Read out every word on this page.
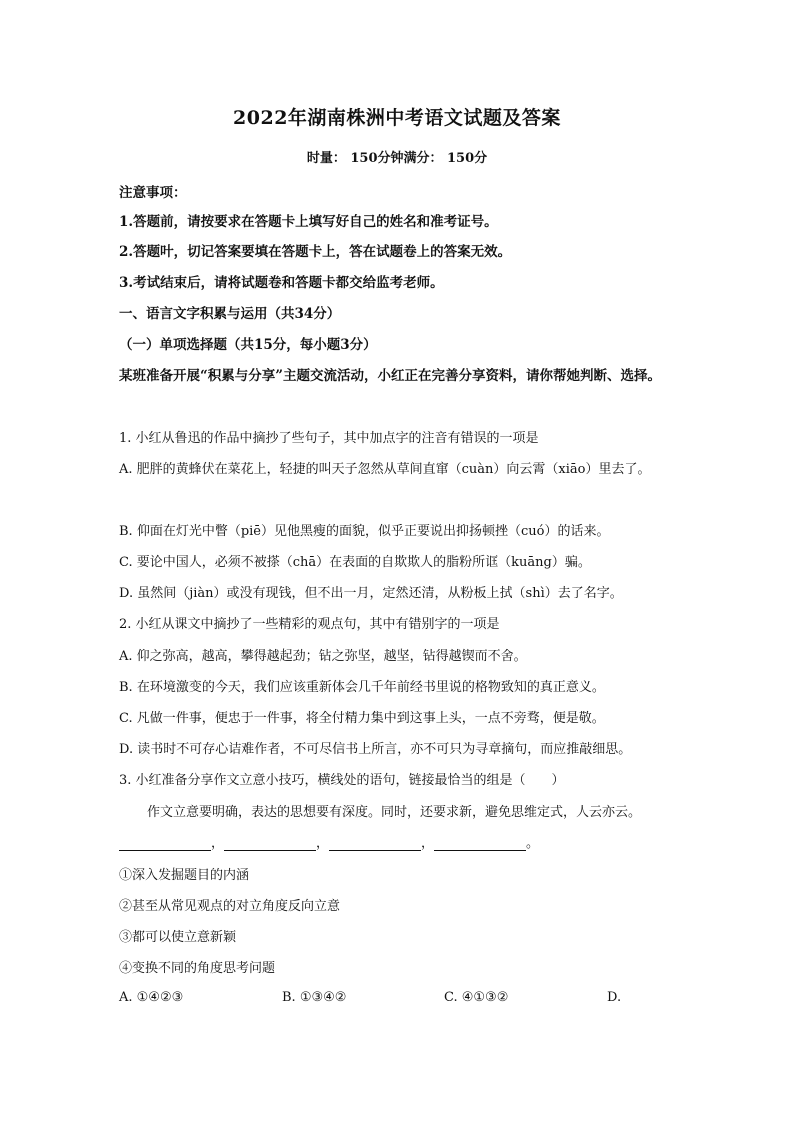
2022年湖南株洲中考语文试题及答案
时量： 150分钟满分： 150分
注意事项：
1.答题前，请按要求在答题卡上填写好自己的姓名和准考证号。
2.答题叶，切记答案要填在答题卡上，答在试题卷上的答案无效。
3.考试结束后，请将试题卷和答题卡都交给监考老师。
一、语言文字积累与运用（共34分）
（一）单项选择题（共15分，每小题3分）
某班准备开展“积累与分享”主题交流活动，小红正在完善分享资料，请你帮她判断、选择。
1. 小红从鲁迅的作品中摘抄了些句子，其中加点字的注音有错误的一项是
A. 肥胖的黄蜂伏在菜花上，轻捷的叫天子忽然从草间直窜（cuàn）向云霄（xiāo）里去了。
B. 仰面在灯光中瞥（piē）见他黑瘦的面貌，似乎正要说出抑扬顿挫（cuó）的话来。
C. 要论中国人，必须不被搽（chā）在表面的自欺欺人的脂粉所诓（kuāng）骗。
D. 虽然间（jiàn）或没有现钱，但不出一月，定然还清，从粉板上拭（shì）去了名字。
2. 小红从课文中摘抄了一些精彩的观点句，其中有错别字的一项是
A. 仰之弥高，越高，攀得越起劲；钻之弥坚，越坚，钻得越锲而不舍。
B. 在环境激变的今天，我们应该重新体会几千年前经书里说的格物致知的真正意义。
C. 凡做一件事，便忠于一件事，将全付精力集中到这事上头，一点不旁骛，便是敬。
D. 读书时不可存心诘难作者，不可尽信书上所言，亦不可只为寻章摘句，而应推敲细思。
3. 小红准备分享作文立意小技巧，横线处的语句，链接最恰当的组是（　　）
作文立意要明确，表达的思想要有深度。同时，还要求新，避免思维定式，人云亦云。
，	，	，	。
①深入发掘题目的内涵
②甚至从常见观点的对立角度反向立意
③都可以使立意新颖
④变换不同的角度思考问题
A. ①④②③	B. ①③④②	C. ④①③②	D.
